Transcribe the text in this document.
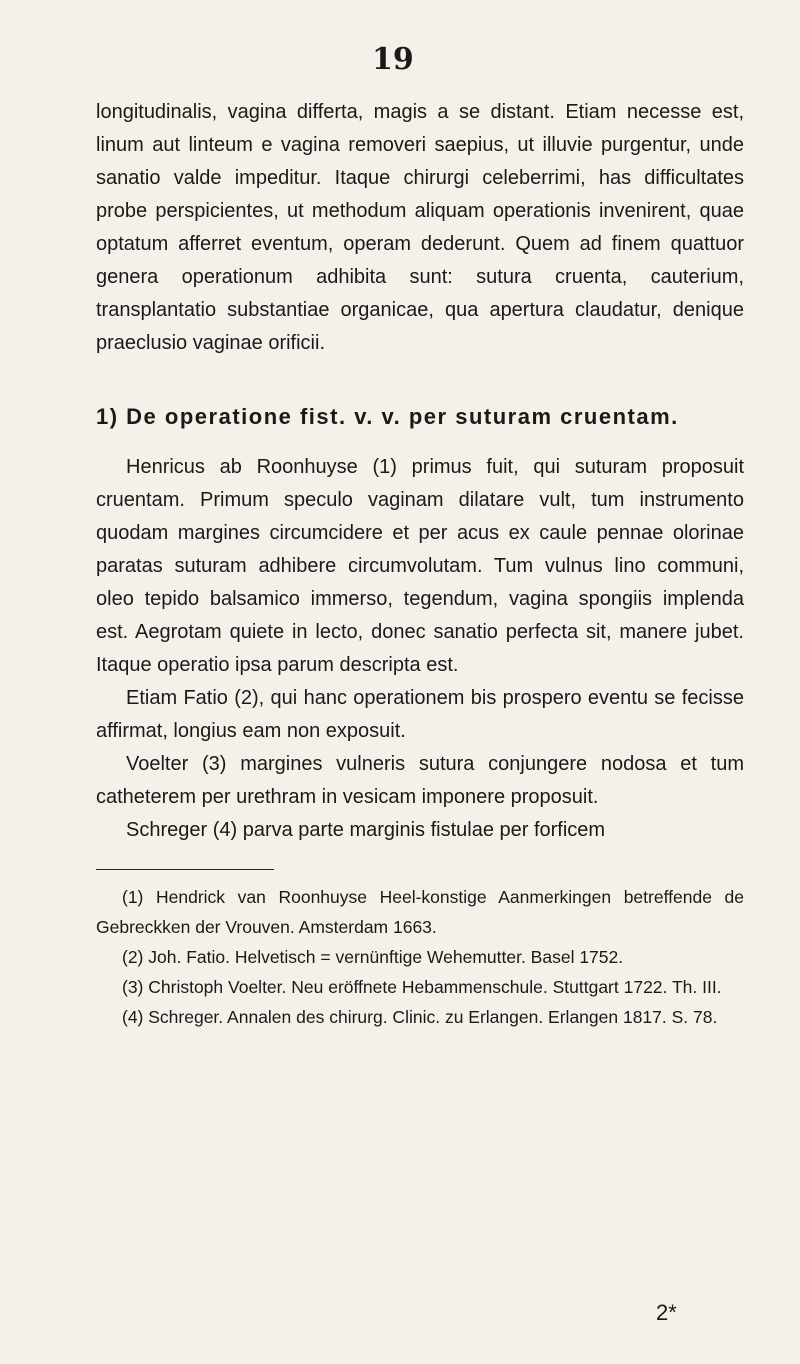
19

longitudinalis, vagina differta, magis a se distant. Etiam necesse est, linum aut linteum e vagina removeri saepius, ut illuvie purgentur, unde sanatio valde impeditur. Itaque chirurgi celeberrimi, has difficultates probe perspicientes, ut methodum aliquam operationis invenirent, quae optatum afferret eventum, operam dederunt. Quem ad finem quattuor genera operationum adhibita sunt: sutura cruenta, cauterium, transplantatio substantiae organicae, qua apertura claudatur, denique praeclusio vaginae orificii.

1) De operatione fist. v. v. per suturam cruentam.

Henricus ab Roonhuyse (1) primus fuit, qui suturam proposuit cruentam. Primum speculo vaginam dilatare vult, tum instrumento quodam margines circumcidere et per acus ex caule pennae olorinae paratas suturam adhibere circumvolutam. Tum vulnus lino communi, oleo tepido balsamico immerso, tegendum, vagina spongiis implenda est. Aegrotam quiete in lecto, donec sanatio perfecta sit, manere jubet. Itaque operatio ipsa parum descripta est.

Etiam Fatio (2), qui hanc operationem bis prospero eventu se fecisse affirmat, longius eam non exposuit.

Voelter (3) margines vulneris sutura conjungere nodosa et tum catheterem per urethram in vesicam imponere proposuit.

Schreger (4) parva parte marginis fistulae per forficem

(1) Hendrick van Roonhuyse Heel-konstige Aanmerkingen betreffende de Gebreckken der Vrouven. Amsterdam 1663.

(2) Joh. Fatio. Helvetisch = vernünftige Wehemutter. Basel 1752.

(3) Christoph Voelter. Neu eröffnete Hebammenschule. Stuttgart 1722. Th. III.

(4) Schreger. Annalen des chirurg. Clinic. zu Erlangen. Erlangen 1817. S. 78.

2*
